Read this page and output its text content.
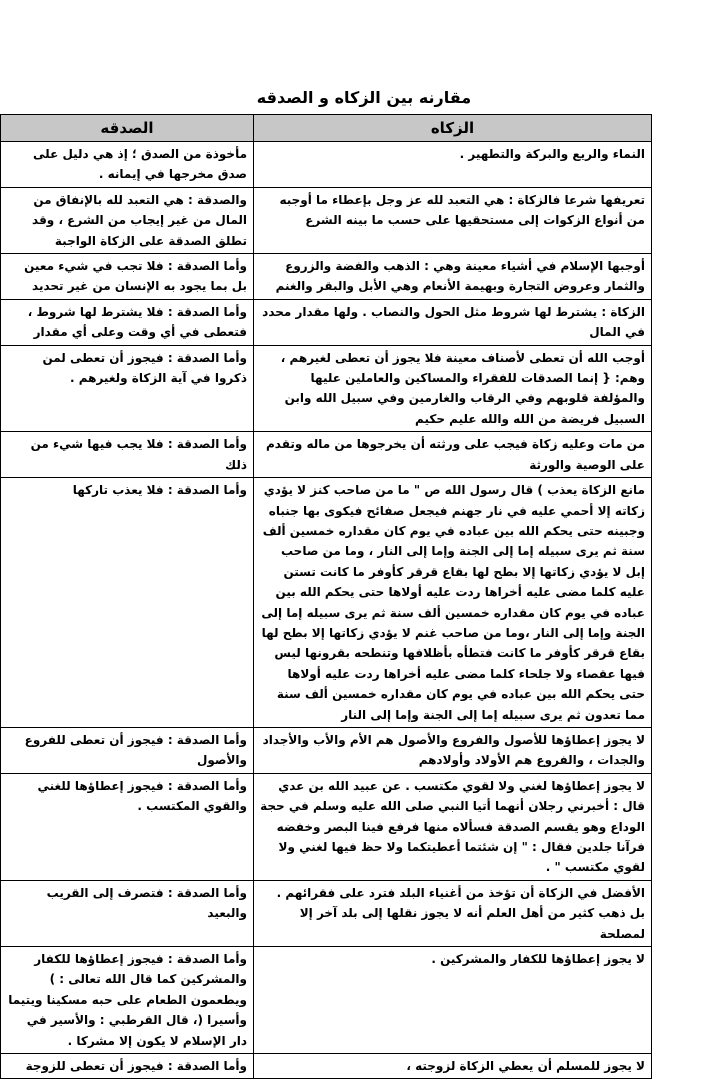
مقارنه بين الزكاه و الصدقه
الزكاه	الصدقه
النماء والريع والبركة والتطهير .	مأخوذة من الصدق ؛ إذ هي دليل على صدق مخرجها في إيمانه .
تعريفها شرعا فالزكاة : هي التعبد لله عز وجل بإعطاء ما أوجبه من أنواع الزكوات إلى مستحقيها على حسب ما بينه الشرع	والصدقة : هي التعبد لله بالإنفاق من المال من غير إيجاب من الشرع ، وقد تطلق الصدقة على الزكاة الواجبة
أوجبها الإسلام في أشياء معينة وهي : الذهب والفضة والزروع والثمار وعروض التجارة وبهيمة الأنعام وهي الأبل والبقر والغنم	وأما الصدقة : فلا تجب في شيء معين بل بما يجود به الإنسان من غير تحديد
الزكاة : يشترط لها شروط مثل الحول والنصاب . ولها مقدار محدد في المال	وأما الصدقة : فلا يشترط لها شروط ، فتعطى في أي وقت وعلى أي مقدار
أوجب الله أن تعطى لأصناف معينة فلا يجوز أن تعطى لغيرهم ، وهم: { إنما الصدقات للفقراء والمساكين والعاملين عليها والمؤلفة قلوبهم وفي الرقاب والغارمين وفي سبيل الله وابن السبيل فريضة من الله والله عليم حكيم	وأما الصدقة : فيجوز أن تعطى لمن ذكروا في آية الزكاة ولغيرهم .
من مات وعليه زكاة فيجب على ورثته أن يخرجوها من ماله وتقدم على الوصية والورثة	وأما الصدقة : فلا يجب فيها شيء من ذلك
مانع الزكاة يعذب ) قال رسول الله ص " ما من صاحب كنز لا يؤدي زكاته إلا أحمي عليه في نار جهنم فيجعل صفائح فيكوى بها جنباه وجبينه حتى يحكم الله بين عباده في يوم كان مقداره خمسين ألف سنة ثم يرى سبيله إما إلى الجنة وإما إلى النار ، وما من صاحب إبل لا يؤدي زكاتها إلا بطح لها بقاع قرقر كأوفر ما كانت تستن عليه كلما مضى عليه أخراها ردت عليه أولاها حتى يحكم الله بين عباده في يوم كان مقداره خمسين ألف سنة ثم يرى سبيله إما إلى الجنة وإما إلى النار ،وما من صاحب غنم لا يؤدي زكاتها إلا بطح لها بقاع قرقر كأوفر ما كانت فتطأه بأظلافها وتنطحه بقرونها ليس فيها عقصاء ولا جلحاء كلما مضى عليه أخراها ردت عليه أولاها حتى يحكم الله بين عباده في يوم كان مقداره خمسين ألف سنة مما تعدون ثم يرى سبيله إما إلى الجنة وإما إلى النار	وأما الصدقة : فلا يعذب تاركها
لا يجوز إعطاؤها للأصول والفروع والأصول هم الأم والأب والأجداد والجدات ، والفروع هم الأولاد وأولادهم	وأما الصدقة : فيجوز أن تعطى للفروع والأصول
لا يجوز إعطاؤها لغني ولا لقوي مكتسب . عن عبيد الله بن عدي قال : أخبرني رجلان أنهما أتيا النبي صلى الله عليه وسلم في حجة الوداع وهو يقسم الصدقة فسألاه منها فرفع فينا البصر وخفضه فرآنا جلدين فقال : " إن شئتما أعطيتكما ولا حظ فيها لغني ولا لقوي مكتسب " .	وأما الصدقة : فيجوز إعطاؤها للغني والقوي المكتسب .
الأفضل في الزكاة أن تؤخذ من أغنياء البلد فترد على فقرائهم . بل ذهب كثير من أهل العلم أنه لا يجوز نقلها إلى بلد آخر إلا لمصلحة	وأما الصدقة : فتصرف إلى القريب والبعيد
لا يجوز إعطاؤها للكفار والمشركين .	وأما الصدقة : فيجوز إعطاؤها للكفار والمشركين كما قال الله تعالى : ) ويطعمون الطعام على حبه مسكينا ويتيما وأسيرا (، قال القرطبي : والأسير في دار الإسلام لا يكون إلا مشركا .
لا يجوز للمسلم أن يعطي الزكاة لزوجته ،	وأما الصدقة : فيجوز أن تعطى للزوجة
